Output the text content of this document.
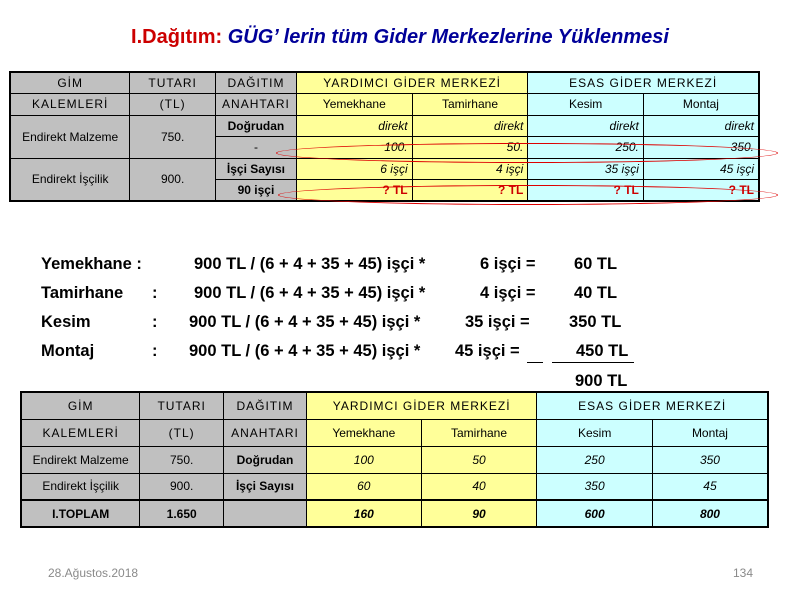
I.Dağıtım: GÜG’ lerin tüm Gider Merkezlerine Yüklenmesi
GİM	TUTARI	DAĞITIM	YARDIMCI GİDER MERKEZİ		ESAS GİDER MERKEZİ	
KALEMLERİ	(TL)	ANAHTARI	Yemekhane	Tamirhane	Kesim	Montaj
Endirekt Malzeme	750.	Doğrudan	direkt	direkt	direkt	direkt
		-	100.	50.	250.	350.
Endirekt İşçilik	900.	İşçi Sayısı	6 işçi	4 işçi	35 işçi	45 işçi
		90 işçi	? TL	? TL	? TL	? TL
Yemekhane :	900 TL / (6 + 4 + 35 + 45) işçi *	6 işçi = 60 TL
Tamirhane : 900 TL / (6 + 4 + 35 + 45) işçi *	4 işçi = 40 TL
Kesim	: 900 TL / (6 + 4 + 35 + 45) işçi *	35 işçi = 350 TL
Montaj	: 900 TL / (6 + 4 + 35 + 45) işçi * 45 işçi =	450 TL
900 TL
GİM	TUTARI	DAĞITIM	YARDIMCI GİDER MERKEZİ		ESAS GİDER MERKEZİ	
KALEMLERİ	(TL)	ANAHTARI	Yemekhane	Tamirhane	Kesim	Montaj
Endirekt Malzeme	750.	Doğrudan	100	50	250	350
Endirekt İşçilik	900.	İşçi Sayısı	60	40	350	45
I.TOPLAM	1.650		160	90	600	800
28.Ağustos.2018	134
